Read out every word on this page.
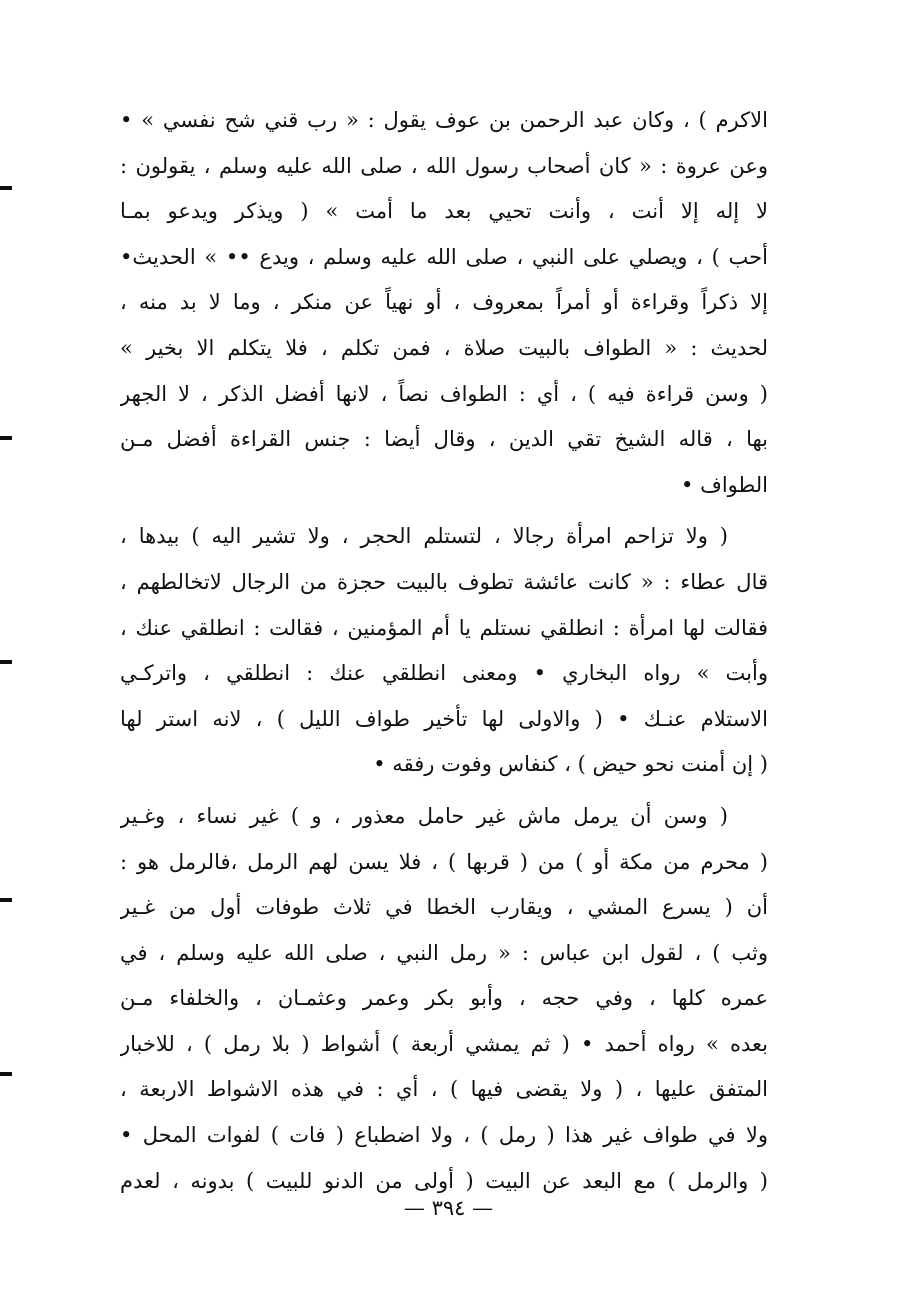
الاكرم ) ، وكان عبد الرحمن بن عوف يقول : « رب قني شح نفسي » •
وعن عروة : « كان أصحاب رسول الله ، صلى الله عليه وسلم ، يقولون :
لا إله إلا أنت ، وأنت تحيي بعد ما أمت » ( ويذكر ويدعو بمـا
أحب ) ، ويصلي على النبي ، صلى الله عليه وسلم ، ويدع •• » الحديث•
إلا ذكراً وقراءة أو أمراً بمعروف ، أو نهياً عن منكر ، وما لا بد منه ،
لحديث : « الطواف بالبيت صلاة ، فمن تكلم ، فلا يتكلم الا بخير »
( وسن قراءة فيه ) ، أي : الطواف نصاً ، لانها أفضل الذكر ، لا الجهر
بها ، قاله الشيخ تقي الدين ، وقال أيضا : جنس القراءة أفضل مـن
الطواف •
( ولا تزاحم امرأة رجالا ، لتستلم الحجر ، ولا تشير اليه ) بيدها ،
قال عطاء : « كانت عائشة تطوف بالبيت حجزة من الرجال لاتخالطهم ،
فقالت لها امرأة : انطلقي نستلم يا أم المؤمنين ، فقالت : انطلقي عنك ،
وأبت » رواه البخاري • ومعنى انطلقي عنك : انطلقي ، واتركـي
الاستلام عنـك • ( والاولى لها تأخير طواف الليل ) ، لانه استر لها
( إن أمنت نحو حيض ) ، كنفاس وفوت رفقه •
( وسن أن يرمل ماش غير حامل معذور ، و ) غير نساء ، وغـير
( محرم من مكة أو ) من ( قربها ) ، فلا يسن لهم الرمل ،فالرمل هو :
أن ( يسرع المشي ، ويقارب الخطا في ثلاث طوفات أول من غـير
وثب ) ، لقول ابن عباس : « رمل النبي ، صلى الله عليه وسلم ، في
عمره كلها ، وفي حجه ، وأبو بكر وعمر وعثمـان ، والخلفاء مـن
بعده » رواه أحمد • ( ثم يمشي أربعة ) أشواط ( بلا رمل ) ، للاخبار
المتفق عليها ، ( ولا يقضى فيها ) ، أي : في هذه الاشواط الاربعة ،
ولا في طواف غير هذا ( رمل ) ، ولا اضطباع ( فات ) لفوات المحل •
( والرمل ) مع البعد عن البيت ( أولى من الدنو للبيت ) بدونه ، لعدم
— ٣٩٤ —
